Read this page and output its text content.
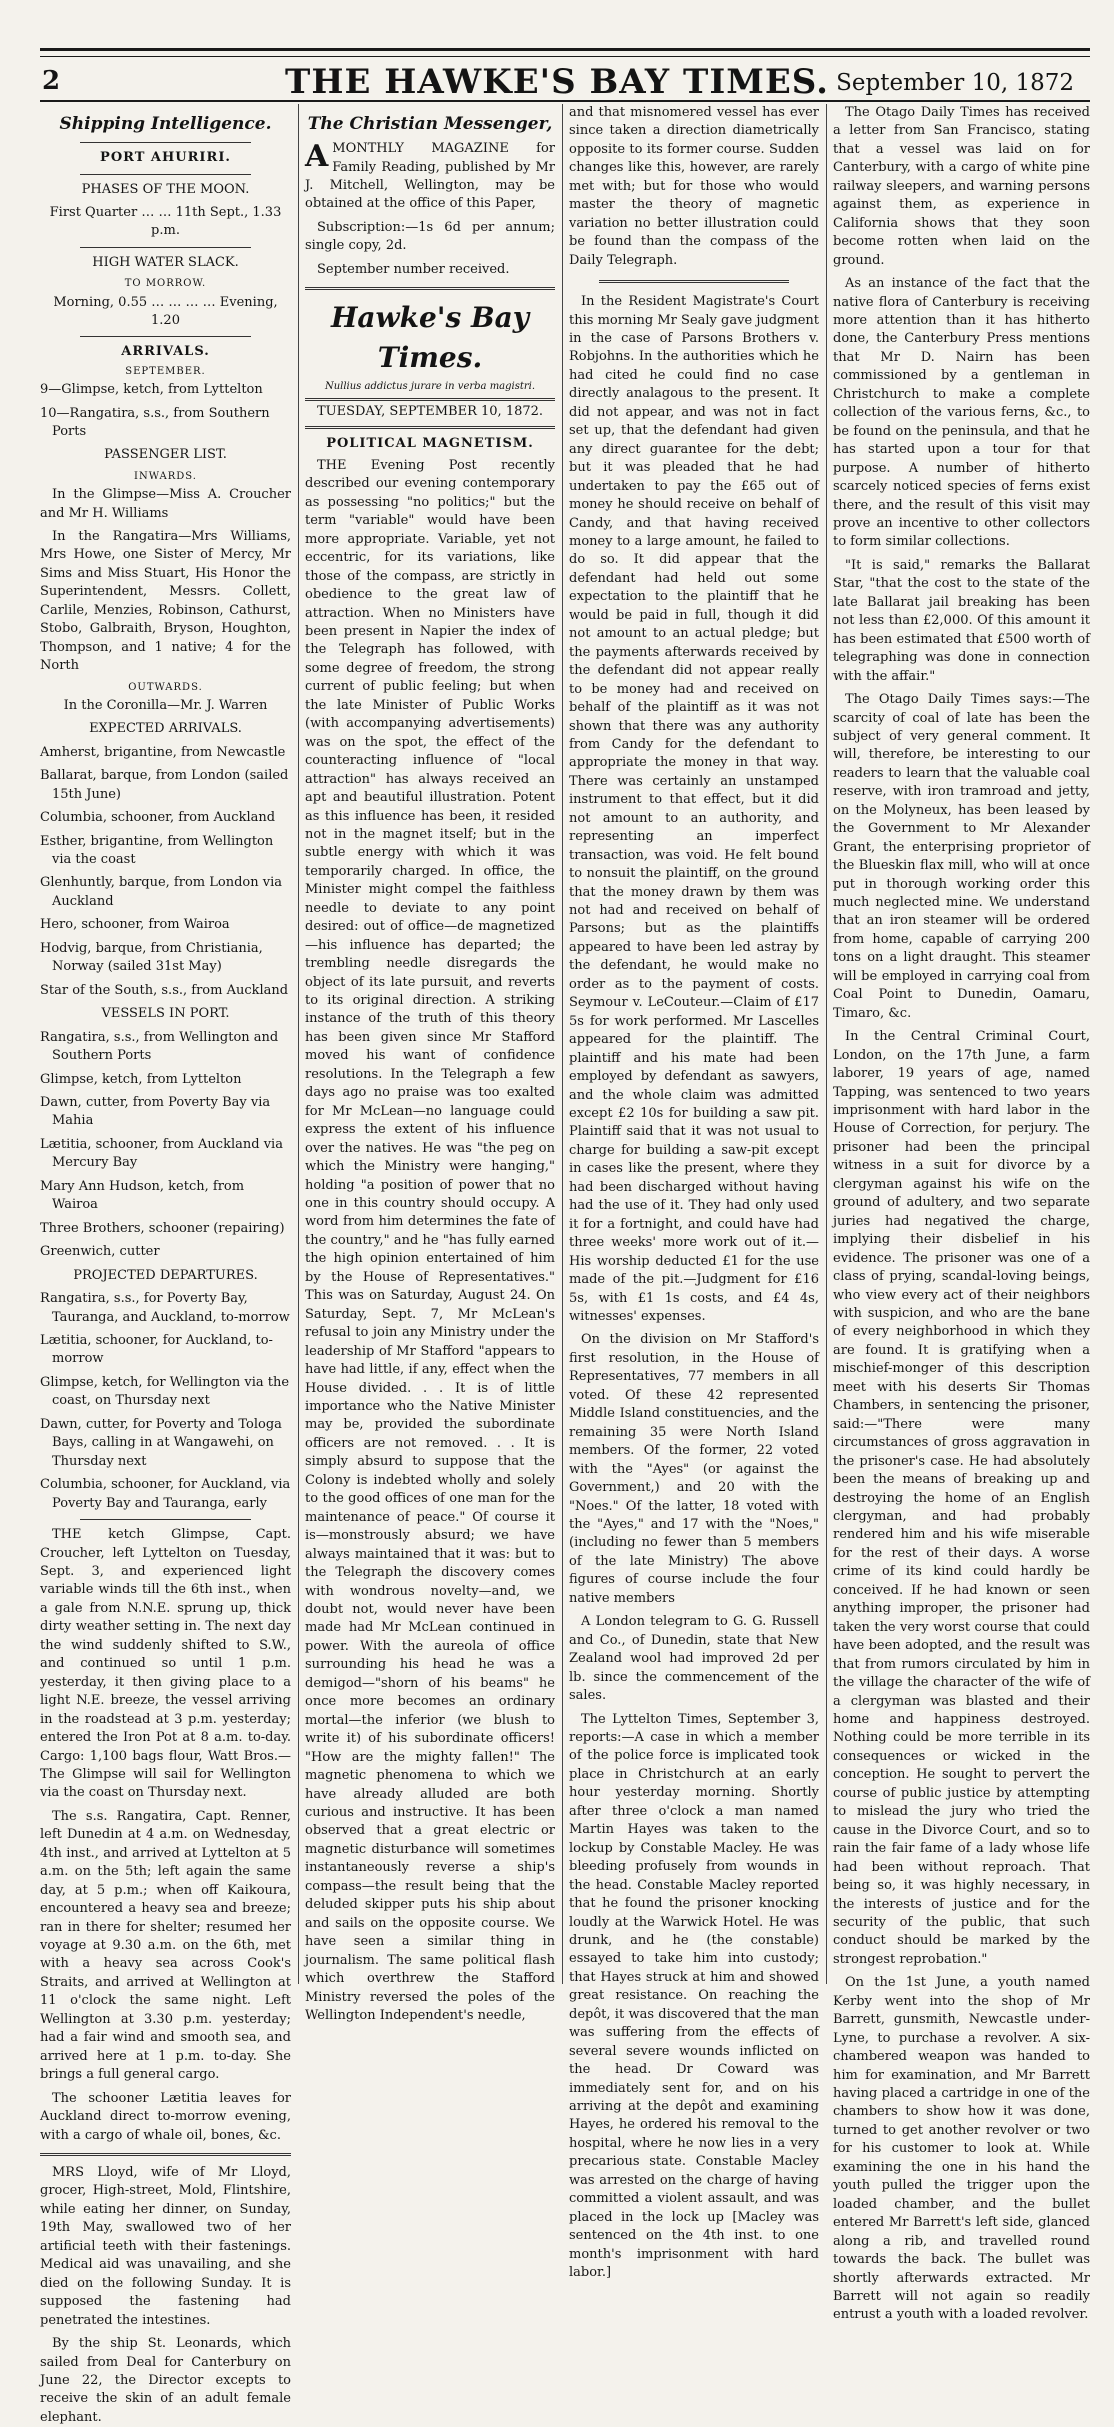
2	THE HAWKE'S BAY TIMES. September 10, 1872
Shipping Intelligence.

PORT AHURIRI.

PHASES OF THE MOON.

First Quarter … … 11th Sept., 1.33 p.m.

HIGH WATER SLACK.

TO MORROW.

Morning, 0.55 … … … … Evening, 1.20

ARRIVALS.

SEPTEMBER.

9—Glimpse, ketch, from Lyttelton

10—Rangatira, s.s., from Southern Ports

PASSENGER LIST.

INWARDS.

In the Glimpse—Miss A. Croucher and Mr H. Williams

In the Rangatira—Mrs Williams, Mrs Howe, one Sister of Mercy, Mr Sims and Miss Stuart, His Honor the Superintendent, Messrs. Collett, Carlile, Menzies, Robinson, Cathurst, Stobo, Galbraith, Bryson, Houghton, Thompson, and 1 native; 4 for the North

OUTWARDS.

In the Coronilla—Mr. J. Warren

EXPECTED ARRIVALS.

Amherst, brigantine, from Newcastle

Ballarat, barque, from London (sailed 15th June)

Columbia, schooner, from Auckland

Esther, brigantine, from Wellington via the coast

Glenhuntly, barque, from London via Auckland

Hero, schooner, from Wairoa

Hodvig, barque, from Christiania, Norway (sailed 31st May)

Star of the South, s.s., from Auckland

VESSELS IN PORT.

Rangatira, s.s., from Wellington and Southern Ports

Glimpse, ketch, from Lyttelton

Dawn, cutter, from Poverty Bay via Mahia

Lætitia, schooner, from Auckland via Mercury Bay

Mary Ann Hudson, ketch, from Wairoa

Three Brothers, schooner (repairing)

Greenwich, cutter

PROJECTED DEPARTURES.

Rangatira, s.s., for Poverty Bay, Tauranga, and Auckland, to-morrow

Lætitia, schooner, for Auckland, to-morrow

Glimpse, ketch, for Wellington via the coast, on Thursday next

Dawn, cutter, for Poverty and Tologa Bays, calling in at Wangawehi, on Thursday next

Columbia, schooner, for Auckland, via Poverty Bay and Tauranga, early

THE ketch Glimpse, Capt. Croucher, left Lyttelton on Tuesday, Sept. 3, and experienced light variable winds till the 6th inst., when a gale from N.N.E. sprung up, thick dirty weather setting in. The next day the wind suddenly shifted to S.W., and continued so until 1 p.m. yesterday, it then giving place to a light N.E. breeze, the vessel arriving in the roadstead at 3 p.m. yesterday; entered the Iron Pot at 8 a.m. to-day. Cargo: 1,100 bags flour, Watt Bros.—The Glimpse will sail for Wellington via the coast on Thursday next.

The s.s. Rangatira, Capt. Renner, left Dunedin at 4 a.m. on Wednesday, 4th inst., and arrived at Lyttelton at 5 a.m. on the 5th; left again the same day, at 5 p.m.; when off Kaikoura, encountered a heavy sea and breeze; ran in there for shelter; resumed her voyage at 9.30 a.m. on the 6th, met with a heavy sea across Cook's Straits, and arrived at Wellington at 11 o'clock the same night. Left Wellington at 3.30 p.m. yesterday; had a fair wind and smooth sea, and arrived here at 1 p.m. to-day. She brings a full general cargo.

The schooner Lætitia leaves for Auckland direct to-morrow evening, with a cargo of whale oil, bones, &c.

MRS Lloyd, wife of Mr Lloyd, grocer, High-street, Mold, Flintshire, while eating her dinner, on Sunday, 19th May, swallowed two of her artificial teeth with their fastenings. Medical aid was unavailing, and she died on the following Sunday. It is supposed the fastening had penetrated the intestines.

By the ship St. Leonards, which sailed from Deal for Canterbury on June 22, the Director excepts to receive the skin of an adult female elephant.

The Christian Messenger,

AMONTHLY MAGAZINE for Family Reading, published by Mr J. Mitchell, Wellington, may be obtained at the office of this Paper,

Subscription:—1s 6d per annum; single copy, 2d.

September number received.

Hawke's Bay Times.
Nullius addictus jurare in verba magistri.

TUESDAY, SEPTEMBER 10, 1872.

POLITICAL MAGNETISM.

THE Evening Post recently described our evening contemporary as possessing "no politics;" but the term "variable" would have been more appropriate. Variable, yet not eccentric, for its variations, like those of the compass, are strictly in obedience to the great law of attraction. When no Ministers have been present in Napier the index of the Telegraph has followed, with some degree of freedom, the strong current of public feeling; but when the late Minister of Public Works (with accompanying advertisements) was on the spot, the effect of the counteracting influence of "local attraction" has always received an apt and beautiful illustration. Potent as this influence has been, it resided not in the magnet itself; but in the subtle energy with which it was temporarily charged. In office, the Minister might compel the faithless needle to deviate to any point desired: out of office—de magnetized—his influence has departed; the trembling needle disregards the object of its late pursuit, and reverts to its original direction. A striking instance of the truth of this theory has been given since Mr Stafford moved his want of confidence resolutions. In the Telegraph a few days ago no praise was too exalted for Mr McLean—no language could express the extent of his influence over the natives. He was "the peg on which the Ministry were hanging," holding "a position of power that no one in this country should occupy. A word from him determines the fate of the country," and he "has fully earned the high opinion entertained of him by the House of Representatives." This was on Saturday, August 24. On Saturday, Sept. 7, Mr McLean's refusal to join any Ministry under the leadership of Mr Stafford "appears to have had little, if any, effect when the House divided. . . It is of little importance who the Native Minister may be, provided the subordinate officers are not removed. . . It is simply absurd to suppose that the Colony is indebted wholly and solely to the good offices of one man for the maintenance of peace." Of course it is—monstrously absurd; we have always maintained that it was: but to the Telegraph the discovery comes with wondrous novelty—and, we doubt not, would never have been made had Mr McLean continued in power. With the aureola of office surrounding his head he was a demigod—"shorn of his beams" he once more becomes an ordinary mortal—the inferior (we blush to write it) of his subordinate officers! "How are the mighty fallen!" The magnetic phenomena to which we have already alluded are both curious and instructive. It has been observed that a great electric or magnetic disturbance will sometimes instantaneously reverse a ship's compass—the result being that the deluded skipper puts his ship about and sails on the opposite course. We have seen a similar thing in journalism. The same political flash which overthrew the Stafford Ministry reversed the poles of the Wellington Independent's needle,

and that misnomered vessel has ever since taken a direction diametrically opposite to its former course. Sudden changes like this, however, are rarely met with; but for those who would master the theory of magnetic variation no better illustration could be found than the compass of the Daily Telegraph.

In the Resident Magistrate's Court this morning Mr Sealy gave judgment in the case of Parsons Brothers v. Robjohns. In the authorities which he had cited he could find no case directly analagous to the present. It did not appear, and was not in fact set up, that the defendant had given any direct guarantee for the debt; but it was pleaded that he had undertaken to pay the £65 out of money he should receive on behalf of Candy, and that having received money to a large amount, he failed to do so. It did appear that the defendant had held out some expectation to the plaintiff that he would be paid in full, though it did not amount to an actual pledge; but the payments afterwards received by the defendant did not appear really to be money had and received on behalf of the plaintiff as it was not shown that there was any authority from Candy for the defendant to appropriate the money in that way. There was certainly an unstamped instrument to that effect, but it did not amount to an authority, and representing an imperfect transaction, was void. He felt bound to nonsuit the plaintiff, on the ground that the money drawn by them was not had and received on behalf of Parsons; but as the plaintiffs appeared to have been led astray by the defendant, he would make no order as to the payment of costs. Seymour v. LeCouteur.—Claim of £17 5s for work performed. Mr Lascelles appeared for the plaintiff. The plaintiff and his mate had been employed by defendant as sawyers, and the whole claim was admitted except £2 10s for building a saw pit. Plaintiff said that it was not usual to charge for building a saw-pit except in cases like the present, where they had been discharged without having had the use of it. They had only used it for a fortnight, and could have had three weeks' more work out of it.—His worship deducted £1 for the use made of the pit.—Judgment for £16 5s, with £1 1s costs, and £4 4s, witnesses' expenses.

On the division on Mr Stafford's first resolution, in the House of Representatives, 77 members in all voted. Of these 42 represented Middle Island constituencies, and the remaining 35 were North Island members. Of the former, 22 voted with the "Ayes" (or against the Government,) and 20 with the "Noes." Of the latter, 18 voted with the "Ayes," and 17 with the "Noes," (including no fewer than 5 members of the late Ministry) The above figures of course include the four native members

A London telegram to G. G. Russell and Co., of Dunedin, state that New Zealand wool had improved 2d per lb. since the commencement of the sales.

The Lyttelton Times, September 3, reports:—A case in which a member of the police force is implicated took place in Christchurch at an early hour yesterday morning. Shortly after three o'clock a man named Martin Hayes was taken to the lockup by Constable Macley. He was bleeding profusely from wounds in the head. Constable Macley reported that he found the prisoner knocking loudly at the Warwick Hotel. He was drunk, and he (the constable) essayed to take him into custody; that Hayes struck at him and showed great resistance. On reaching the depôt, it was discovered that the man was suffering from the effects of several severe wounds inflicted on the head. Dr Coward was immediately sent for, and on his arriving at the depôt and examining Hayes, he ordered his removal to the hospital, where he now lies in a very precarious state. Constable Macley was arrested on the charge of having committed a violent assault, and was placed in the lock up [Macley was sentenced on the 4th inst. to one month's imprisonment with hard labor.]

The Otago Daily Times has received a letter from San Francisco, stating that a vessel was laid on for Canterbury, with a cargo of white pine railway sleepers, and warning persons against them, as experience in California shows that they soon become rotten when laid on the ground.

As an instance of the fact that the native flora of Canterbury is receiving more attention than it has hitherto done, the Canterbury Press mentions that Mr D. Nairn has been commissioned by a gentleman in Christchurch to make a complete collection of the various ferns, &c., to be found on the peninsula, and that he has started upon a tour for that purpose. A number of hitherto scarcely noticed species of ferns exist there, and the result of this visit may prove an incentive to other collectors to form similar collections.

"It is said," remarks the Ballarat Star, "that the cost to the state of the late Ballarat jail breaking has been not less than £2,000. Of this amount it has been estimated that £500 worth of telegraphing was done in connection with the affair."

The Otago Daily Times says:—The scarcity of coal of late has been the subject of very general comment. It will, therefore, be interesting to our readers to learn that the valuable coal reserve, with iron tramroad and jetty, on the Molyneux, has been leased by the Government to Mr Alexander Grant, the enterprising proprietor of the Blueskin flax mill, who will at once put in thorough working order this much neglected mine. We understand that an iron steamer will be ordered from home, capable of carrying 200 tons on a light draught. This steamer will be employed in carrying coal from Coal Point to Dunedin, Oamaru, Timaro, &c.

In the Central Criminal Court, London, on the 17th June, a farm laborer, 19 years of age, named Tapping, was sentenced to two years imprisonment with hard labor in the House of Correction, for perjury. The prisoner had been the principal witness in a suit for divorce by a clergyman against his wife on the ground of adultery, and two separate juries had negatived the charge, implying their disbelief in his evidence. The prisoner was one of a class of prying, scandal-loving beings, who view every act of their neighbors with suspicion, and who are the bane of every neighborhood in which they are found. It is gratifying when a mischief-monger of this description meet with his deserts Sir Thomas Chambers, in sentencing the prisoner, said:—"There were many circumstances of gross aggravation in the prisoner's case. He had absolutely been the means of breaking up and destroying the home of an English clergyman, and had probably rendered him and his wife miserable for the rest of their days. A worse crime of its kind could hardly be conceived. If he had known or seen anything improper, the prisoner had taken the very worst course that could have been adopted, and the result was that from rumors circulated by him in the village the character of the wife of a clergyman was blasted and their home and happiness destroyed. Nothing could be more terrible in its consequences or wicked in the conception. He sought to pervert the course of public justice by attempting to mislead the jury who tried the cause in the Divorce Court, and so to rain the fair fame of a lady whose life had been without reproach. That being so, it was highly necessary, in the interests of justice and for the security of the public, that such conduct should be marked by the strongest reprobation."

On the 1st June, a youth named Kerby went into the shop of Mr Barrett, gunsmith, Newcastle under-Lyne, to purchase a revolver. A six-chambered weapon was handed to him for examination, and Mr Barrett having placed a cartridge in one of the chambers to show how it was done, turned to get another revolver or two for his customer to look at. While examining the one in his hand the youth pulled the trigger upon the loaded chamber, and the bullet entered Mr Barrett's left side, glanced along a rib, and travelled round towards the back. The bullet was shortly afterwards extracted. Mr Barrett will not again so readily entrust a youth with a loaded revolver.
